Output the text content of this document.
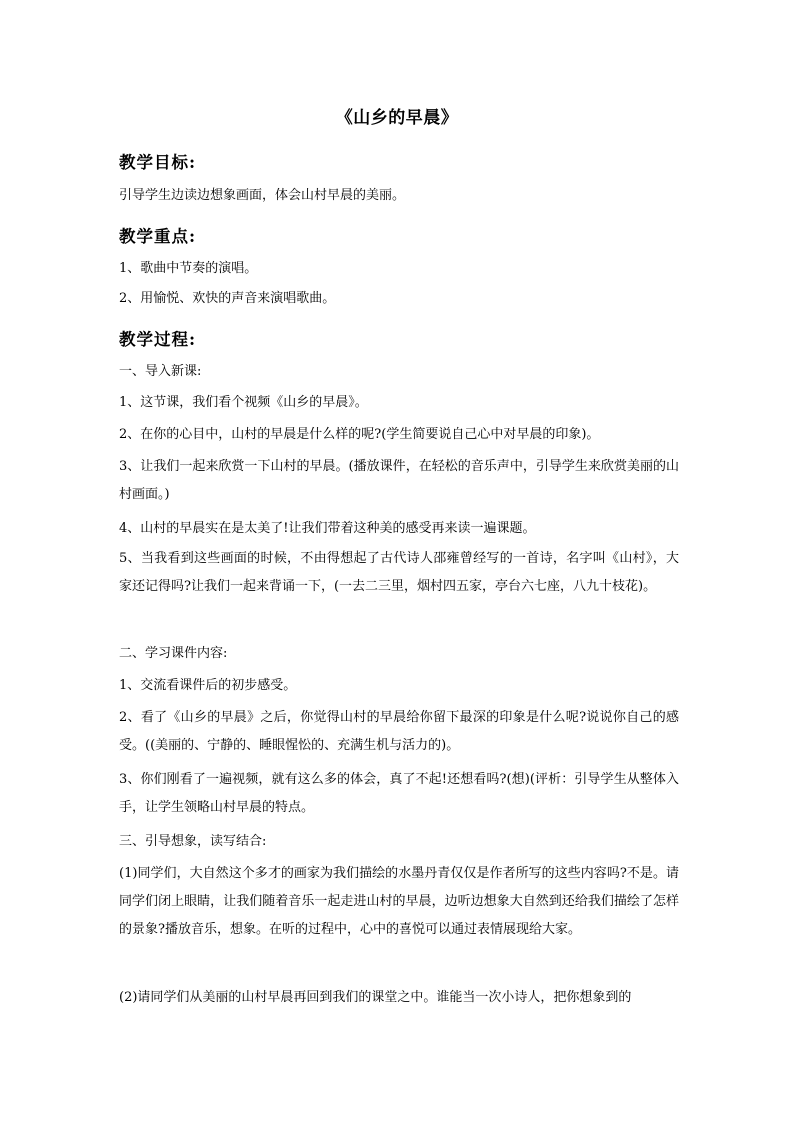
《山乡的早晨》
教学目标:
引导学生边读边想象画面，体会山村早晨的美丽。
教学重点:
1、歌曲中节奏的演唱。
2、用愉悦、欢快的声音来演唱歌曲。
教学过程:
一、导入新课:
1、这节课，我们看个视频《山乡的早晨》。
2、在你的心目中，山村的早晨是什么样的呢?(学生简要说自己心中对早晨的印象)。
3、让我们一起来欣赏一下山村的早晨。(播放课件，在轻松的音乐声中，引导学生来欣赏美丽的山村画面。)
4、山村的早晨实在是太美了!让我们带着这种美的感受再来读一遍课题。
5、当我看到这些画面的时候，不由得想起了古代诗人邵雍曾经写的一首诗，名字叫《山村》，大家还记得吗?让我们一起来背诵一下，(一去二三里，烟村四五家，亭台六七座，八九十枝花)。
二、学习课件内容:
1、交流看课件后的初步感受。
2、看了《山乡的早晨》之后，你觉得山村的早晨给你留下最深的印象是什么呢?说说你自己的感受。((美丽的、宁静的、睡眼惺忪的、充满生机与活力的)。
3、你们刚看了一遍视频，就有这么多的体会，真了不起!还想看吗?(想)(评析：引导学生从整体入手，让学生领略山村早晨的特点。
三、引导想象，读写结合:
(1)同学们，大自然这个多才的画家为我们描绘的水墨丹青仅仅是作者所写的这些内容吗?不是。请同学们闭上眼睛，让我们随着音乐一起走进山村的早晨，边听边想象大自然到还给我们描绘了怎样的景象?播放音乐，想象。在听的过程中，心中的喜悦可以通过表情展现给大家。
(2)请同学们从美丽的山村早晨再回到我们的课堂之中。谁能当一次小诗人，把你想象到的
